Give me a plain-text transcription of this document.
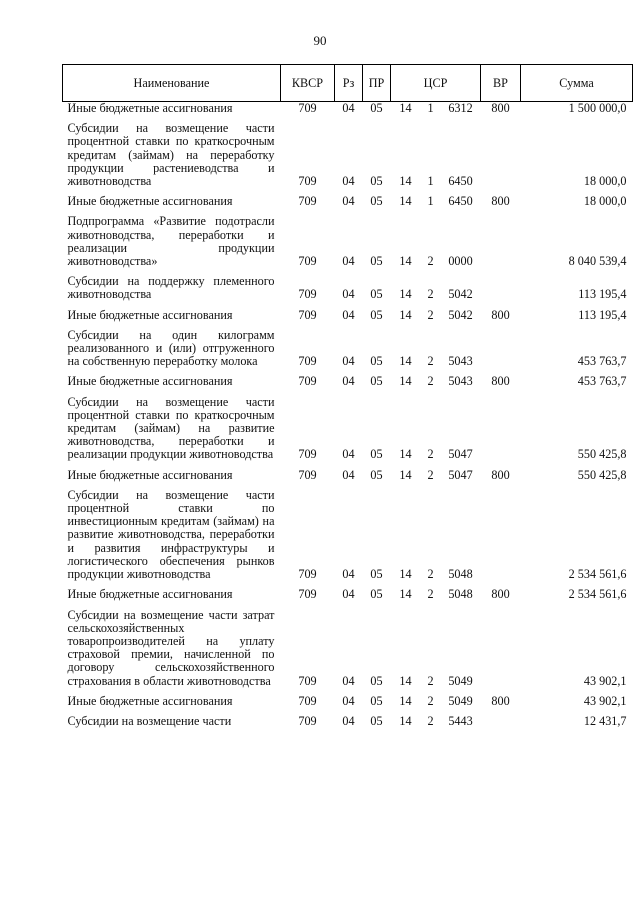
90
Наименование	КВСР	Рз	ПР	ЦСР			ВР	Сумма
Иные бюджетные ассигнования	709	04	05	14	1	6312	800	1 500 000,0
Субсидии на возмещение части процентной ставки по краткосрочным кредитам (займам) на переработку продукции растениеводства и животноводства	709	04	05	14	1	6450		18 000,0
Иные бюджетные ассигнования	709	04	05	14	1	6450	800	18 000,0
Подпрограмма «Развитие подотрасли животноводства, переработки и реализации продукции животноводства»	709	04	05	14	2	0000		8 040 539,4
Субсидии на поддержку племенного животноводства	709	04	05	14	2	5042		113 195,4
Иные бюджетные ассигнования	709	04	05	14	2	5042	800	113 195,4
Субсидии на один килограмм реализованного и (или) отгруженного на собственную переработку молока	709	04	05	14	2	5043		453 763,7
Иные бюджетные ассигнования	709	04	05	14	2	5043	800	453 763,7
Субсидии на возмещение части процентной ставки по краткосрочным кредитам (займам) на развитие животноводства, переработки и реализации продукции животноводства	709	04	05	14	2	5047		550 425,8
Иные бюджетные ассигнования	709	04	05	14	2	5047	800	550 425,8
Субсидии на возмещение части процентной ставки по инвестиционным кредитам (займам) на развитие животноводства, переработки и развития инфраструктуры и логистического обеспечения рынков продукции животноводства	709	04	05	14	2	5048		2 534 561,6
Иные бюджетные ассигнования	709	04	05	14	2	5048	800	2 534 561,6
Субсидии на возмещение части затрат сельскохозяйственных товаропроизводителей на уплату страховой премии, начисленной по договору сельскохозяйственного страхования в области животноводства	709	04	05	14	2	5049		43 902,1
Иные бюджетные ассигнования	709	04	05	14	2	5049	800	43 902,1
Субсидии на возмещение части	709	04	05	14	2	5443		12 431,7
